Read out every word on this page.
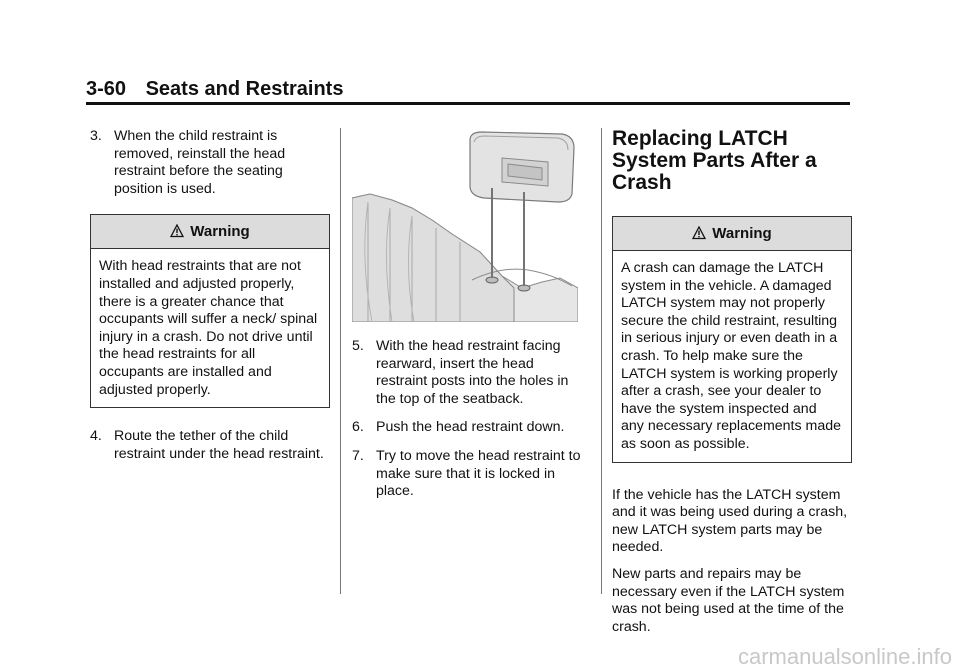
3-60 Seats and Restraints
3. When the child restraint is removed, reinstall the head restraint before the seating position is used.
Warning
With head restraints that are not installed and adjusted properly, there is a greater chance that occupants will suffer a neck/ spinal injury in a crash. Do not drive until the head restraints for all occupants are installed and adjusted properly.
4. Route the tether of the child restraint under the head restraint.
5. With the head restraint facing rearward, insert the head restraint posts into the holes in the top of the seatback.
6. Push the head restraint down.
7. Try to move the head restraint to make sure that it is locked in place.
Replacing LATCH System Parts After a Crash
Warning
A crash can damage the LATCH system in the vehicle. A damaged LATCH system may not properly secure the child restraint, resulting in serious injury or even death in a crash. To help make sure the LATCH system is working properly after a crash, see your dealer to have the system inspected and any necessary replacements made as soon as possible.

If the vehicle has the LATCH system and it was being used during a crash, new LATCH system parts may be needed.

New parts and repairs may be necessary even if the LATCH system was not being used at the time of the crash.

carmanualsonline.info
